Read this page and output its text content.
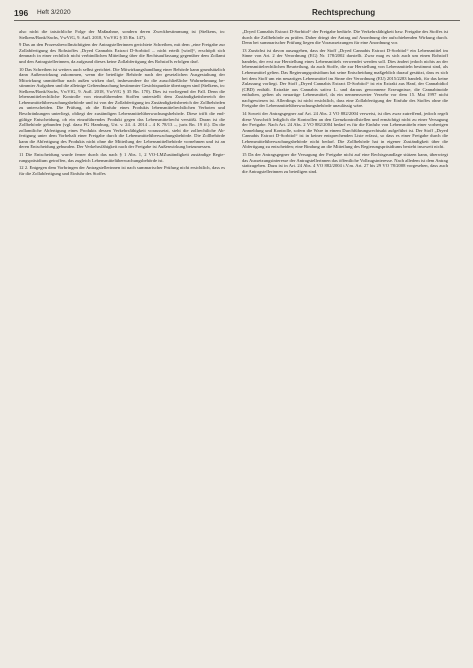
196 Heft 3/2020	Rechtsprechung

also nicht die tatsächliche Folge der Maßnahme, sondern deren Zweckbestimmung ist (Stelkens, in: Stelkens/Bonk/Sachs, VwVfG, 9. Aufl. 2018, VwVfG § 35 Rn. 147).

9 Das an den Prozessbevollmächtigten der Antragstellerinnen gerichtete Schreiben, mit dem „eine Freigabe zur Zollabfertigung des Rohstoffes ‚Dryed Cannabis Extract D-Sorbitol ... nicht erteilt [wird]“, erschöpft sich demnach in einer rechtlich nicht verbindlichen Mitteilung über die Rechtsauffassung gegenüber dem Zollamt und den Antragstellerinnen, da aufgrund dieses keine Zollabfertigung des Rohstoffs erfolgen darf.

10 Das Schreiben ist weiters auch selbst gerichtet. Die Mitwirkungshandlung einer Behörde kann grundsätzlich dann Außenwirkung zukommen, wenn die beteiligte Behörde nach der gesetzlichen Ausgestaltung der Mitwirkung unmittelbar nach außen wirken darf, insbesondere ihr die ausschließliche Wahrnehmung bestimmter Aufgaben und die alleinige Geltendmachung bestimmter Gesichtspunkte übertragen sind (Stelkens, in: Stelkens/Bonk/Sachs, VwVfG, 9. Aufl. 2018, VwVfG § 35 Rn. 170). Dies ist vorliegend der Fall. Denn die lebensmittelrechtliche Kontrolle von einzuführenden Stoffen unterstellt dem Zuständigkeitsbereich der Lebensmittelüberwachungsbehörde und ist von der Zollabfertigung im Zuständigkeitsbereich der Zollbehörden zu unterscheiden. Die Prüfung, ob die Einfuhr eines Produkts lebensmittelrechtlichen Verboten und Beschränkungen unterliegt, obliegt der zuständigen Lebensmittelüberwachungsbehörde. Diese trifft die endgültige Entscheidung, ob ein einzuführendes Produkt gegen das Lebensmittelrecht verstößt. Daran ist die Zollbehörde gebunden (vgl. dazu FG Hamburg, Urt. v. 24. 4. 2014 – 4 K 78/13 –, juris Rn. 19 ff.). Da die zollamtliche Abfertigung eines Produkts dessen Verkehrsfähigkeit voraussetzt, steht die zollrechtliche Abfertigung unter dem Vorbehalt einer Freigabe durch die Lebensmittelüberwachungsbehörde. Die Zollbehörde kann die Abfertigung des Produkts nicht ohne die Mitteilung der Lebensmittelbehörde vornehmen und ist an deren Entscheidung gebunden. Der Verkehrsfähigkeit nach der Freigabe ist Außenwirkung beizumessen.

11 Die Entscheidung wurde ferner durch das nach § 1 Abs. 1, 2 VO-LMZuständigkeit zuständige Regierungspräsidium getroffen, das zugleich Lebensmittelüberwachungsbehörde ist.

12 2. Entgegen dem Vorbringen der Antragstellerinnen ist nach summarischer Prüfung nicht ersichtlich, dass es für die Zollabfertigung und Einfuhr des Stoffes

„Dryed Cannabis Extract D-Sorbitol“ der Freigabe bedürfe. Die Verkehrsfähigkeit bzw. Freigabe des Stoffes ist durch die Zollbehörde zu prüfen. Daher dringt der Antrag auf Anordnung der aufschiebenden Wirkung durch. Denn bei summarischer Prüfung liegen die Voraussetzungen für eine Anordnung vor.

13 Zunächst ist davon auszugehen, dass der Stoff „Dryed Cannabis Extract D-Sorbitol“ ein Lebensmittel im Sinne von Art. 2 der Verordnung (EG) Nr. 178/2002 darstellt. Zwar mag es sich auch um einen Rohstoff handeln, der erst zur Herstellung eines Lebensmittels verwendet werden soll. Dies ändert jedoch nichts an der lebensmittelrechtlichen Beurteilung, da auch Stoffe, die zur Herstellung von Lebensmitteln bestimmt sind, als Lebensmittel gelten. Das Regierungspräsidium hat seine Entscheidung maßgeblich darauf gestützt, dass es sich bei dem Stoff um ein neuartiges Lebensmittel im Sinne der Verordnung (EU) 2015/2283 handelt, für das keine Zulassung vorliegt. Der Stoff „Dryed Cannabis Extract D-Sorbitol“ ist ein Extrakt aus Hanf, der Cannabidiol (CBD) enthält. Extrakte aus Cannabis sativa L. und daraus gewonnene Erzeugnisse, die Cannabinoide enthalten, gelten als neuartige Lebensmittel, da ein nennenswerter Verzehr vor dem 15. Mai 1997 nicht nachgewiesen ist. Allerdings ist nicht ersichtlich, dass eine Zollabfertigung der Einfuhr des Stoffes ohne die Freigabe der Lebensmittelüberwachungsbehörde unzulässig wäre.

14 Soweit der Antragsgegner auf Art. 24 Abs. 2 VO 882/2004 verweist, ist dies zwar zutreffend, jedoch regelt diese Vorschrift lediglich die Kontrollen an den Grenzkontrollstellen und ermächtigt nicht zu einer Versagung der Freigabe. Nach Art. 24 Abs. 2 VO 882/2004 bedarf es für die Einfuhr von Lebensmitteln einer vorherigen Anmeldung und Kontrolle, sofern die Ware in einem Durchführungsrechtsakt aufgeführt ist. Der Stoff „Dryed Cannabis Extract D-Sorbitol“ ist in keiner entsprechenden Liste erfasst, so dass es einer Freigabe durch die Lebensmittelüberwachungsbehörde nicht bedarf. Die Zollbehörde hat in eigener Zuständigkeit über die Abfertigung zu entscheiden; eine Bindung an die Mitteilung des Regierungspräsidiums besteht insoweit nicht.

15 Da der Antragsgegner die Versagung der Freigabe nicht auf eine Rechtsgrundlage stützen kann, überwiegt das Aussetzungsinteresse der Antragstellerinnen das öffentliche Vollzugsinteresse. Nach alledem ist dem Antrag stattzugeben. Dazu ist in Art. 24 Abs. 4 VO 882/2004 i.V.m. Art. 27 bis 29 VO 78/2008 vorgesehen, dass auch die Antragstellerinnen zu beteiligen sind.
